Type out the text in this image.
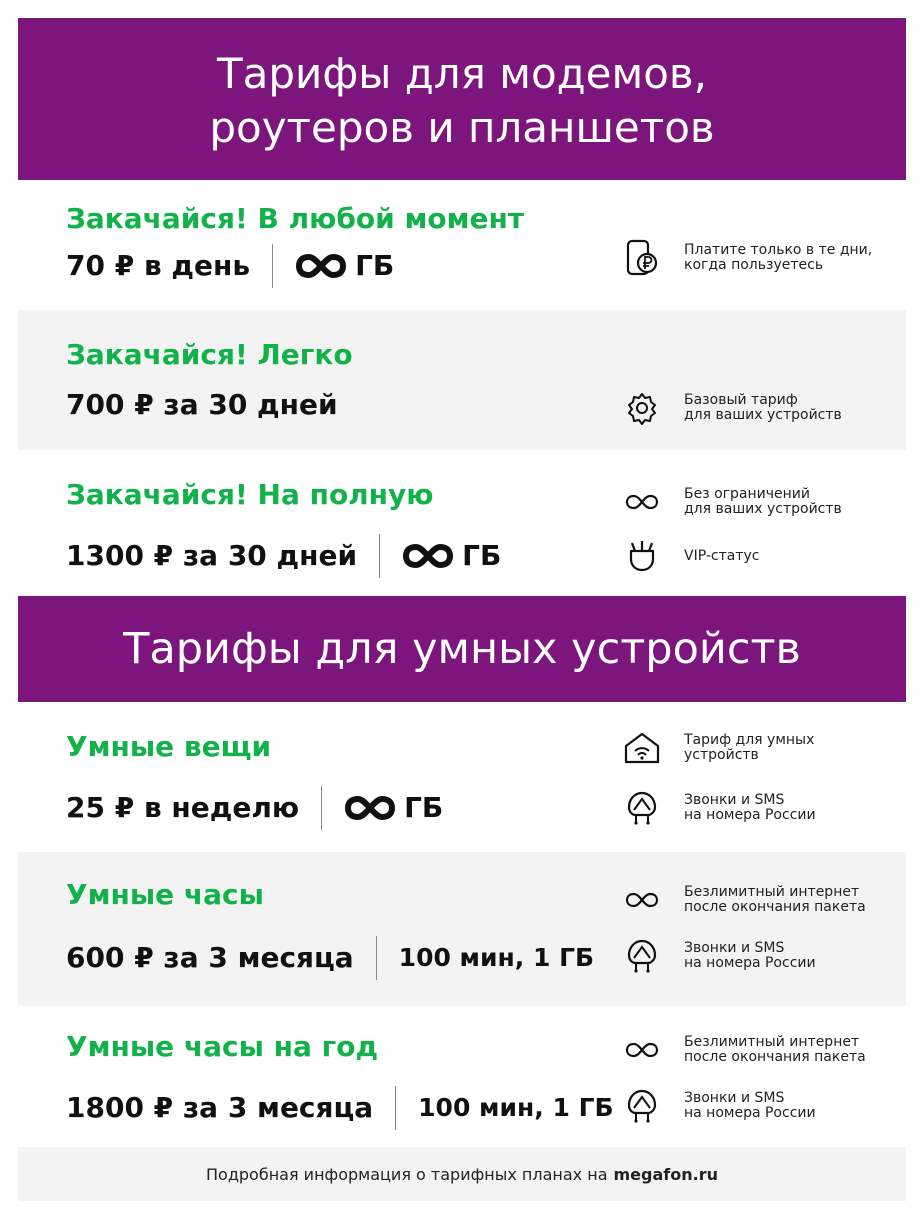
Тарифы для модемов,
роутеров и планшетов
Закачайся! В любой момент
70 ₽ в день	ГБ	Платите только в те дни,
когда пользуетесь
Закачайся! Легко
700 ₽ за 30 дней	Базовый тариф
для ваших устройств
Закачайся! На полную
1300 ₽ за 30 дней	ГБ
Без ограничений
для ваших устройств
VIP-статус
Тарифы для умных устройств
Умные вещи
25 ₽ в неделю	ГБ
Тариф для умных
устройств
Звонки и SMS
на номера России
Умные часы
600 ₽ за 3 месяца 100 мин, 1 ГБ
Безлимитный интернет
после окончания пакета
Звонки и SMS
на номера России
Умные часы на год
1800 ₽ за 3 месяца 100 мин, 1 ГБ
Безлимитный интернет
после окончания пакета
Звонки и SMS
на номера России
Подробная информация о тарифных планах на megafon.ru
